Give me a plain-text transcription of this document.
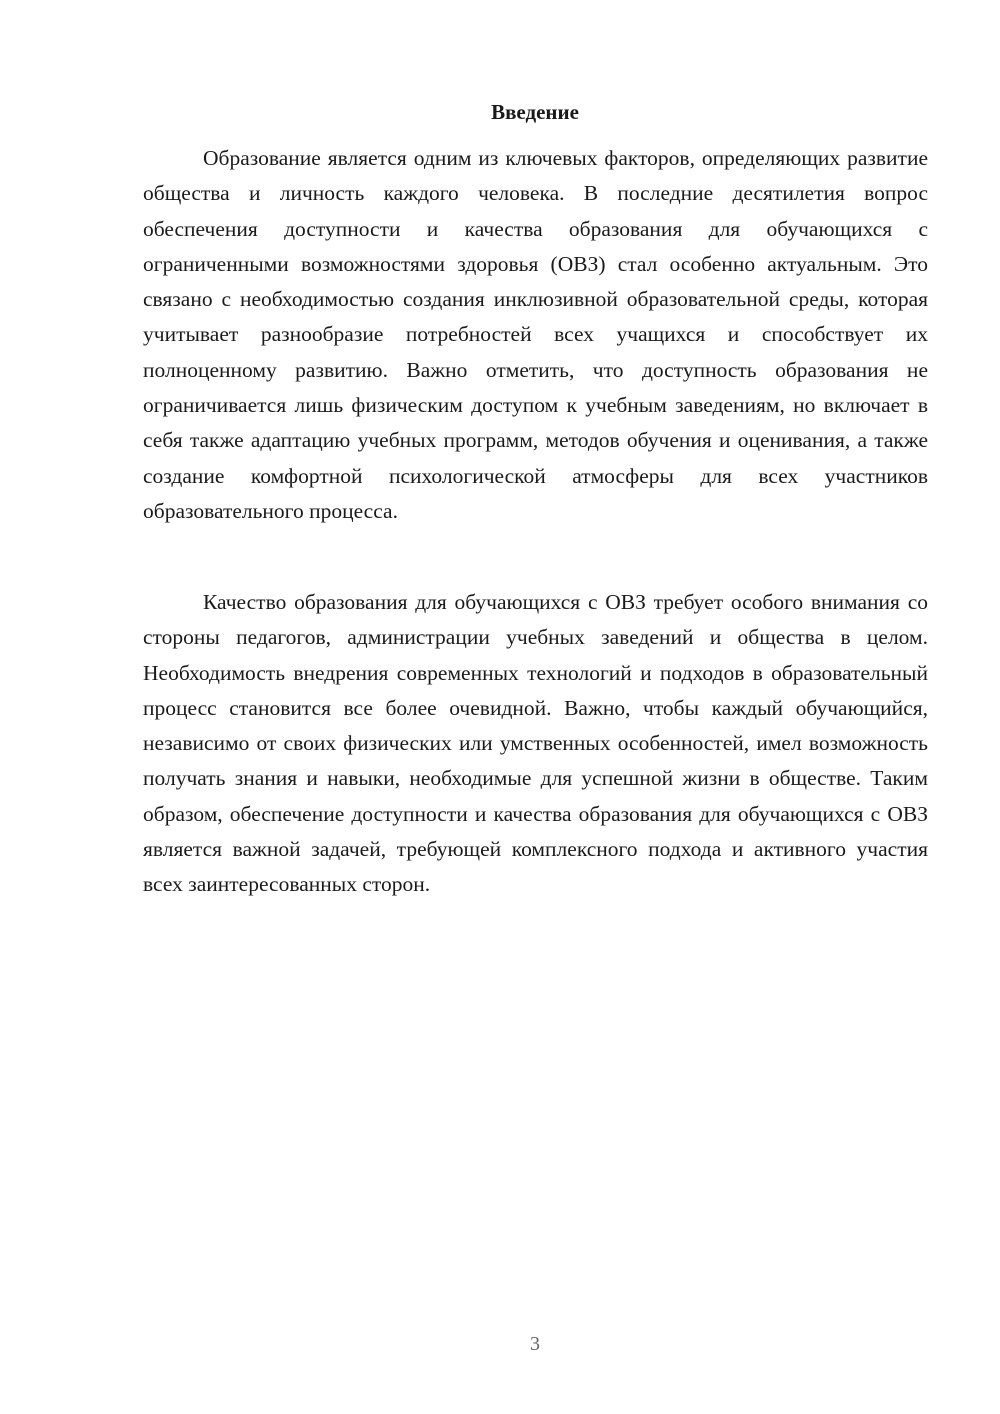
Введение

Образование является одним из ключевых факторов, определяющих развитие общества и личность каждого человека. В последние десятилетия вопрос обеспечения доступности и качества образования для обучающихся с ограниченными возможностями здоровья (ОВЗ) стал особенно актуальным. Это связано с необходимостью создания инклюзивной образовательной среды, которая учитывает разнообразие потребностей всех учащихся и способствует их полноценному развитию. Важно отметить, что доступность образования не ограничивается лишь физическим доступом к учебным заведениям, но включает в себя также адаптацию учебных программ, методов обучения и оценивания, а также создание комфортной психологической атмосферы для всех участников образовательного процесса.

Качество образования для обучающихся с ОВЗ требует особого внимания со стороны педагогов, администрации учебных заведений и общества в целом. Необходимость внедрения современных технологий и подходов в образовательный процесс становится все более очевидной. Важно, чтобы каждый обучающийся, независимо от своих физических или умственных особенностей, имел возможность получать знания и навыки, необходимые для успешной жизни в обществе. Таким образом, обеспечение доступности и качества образования для обучающихся с ОВЗ является важной задачей, требующей комплексного подхода и активного участия всех заинтересованных сторон.

3
